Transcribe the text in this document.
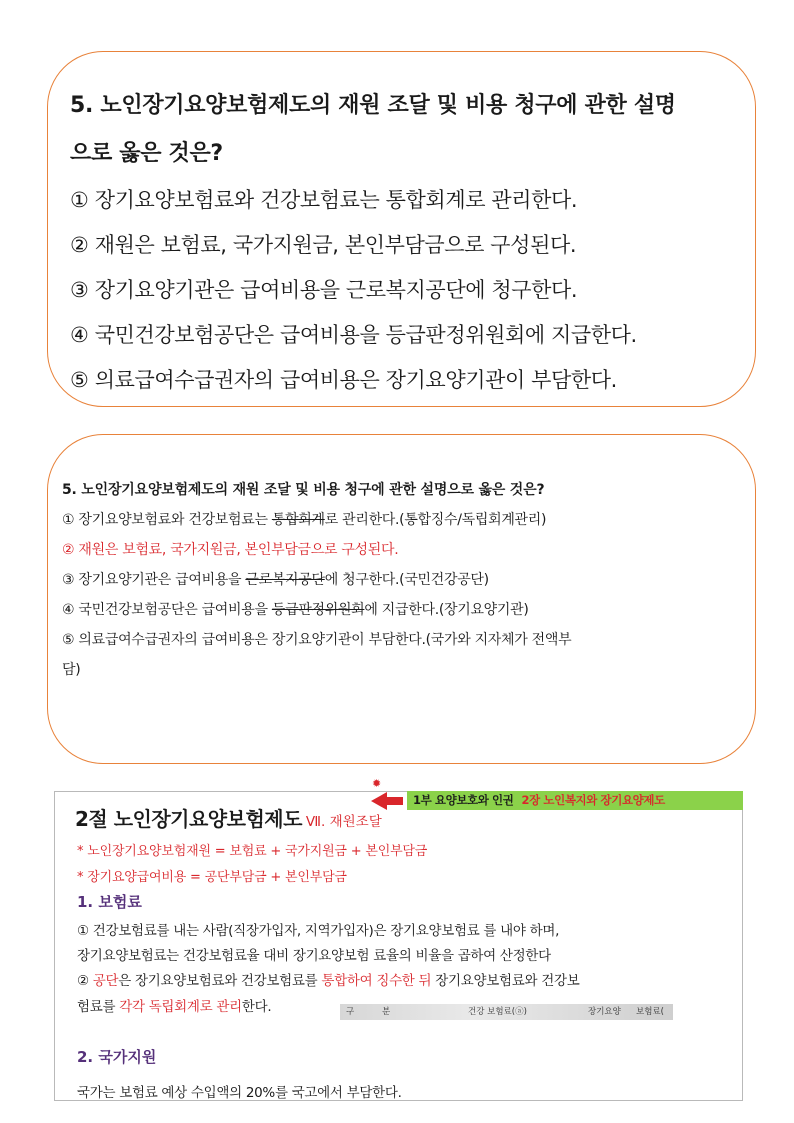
5. 노인장기요양보험제도의 재원 조달 및 비용 청구에 관한 설명

으로 옳은 것은?

① 장기요양보험료와 건강보험료는 통합회계로 관리한다.

② 재원은 보험료, 국가지원금, 본인부담금으로 구성된다.

③ 장기요양기관은 급여비용을 근로복지공단에 청구한다.

④ 국민건강보험공단은 급여비용을 등급판정위원회에 지급한다.

⑤ 의료급여수급권자의 급여비용은 장기요양기관이 부담한다.

5. 노인장기요양보험제도의 재원 조달 및 비용 청구에 관한 설명으로 옳은 것은?

① 장기요양보험료와 건강보험료는 통합회계로 관리한다.(통합징수/독립회계관리)

② 재원은 보험료, 국가지원금, 본인부담금으로 구성된다.

③ 장기요양기관은 급여비용을 근로복지공단에 청구한다.(국민건강공단)

④ 국민건강보험공단은 급여비용을 등급판정위원회에 지급한다.(장기요양기관)

⑤ 의료급여수급권자의 급여비용은 장기요양기관이 부담한다.(국가와 지자체가 전액부
담)

2절 노인장기요양보험제도 Ⅶ. 재원조달
* 노인장기요양보험재원 = 보험료 + 국가지원금 + 본인부담금
* 장기요양급여비용 = 공단부담금 + 본인부담금
1. 보험료
① 건강보험료를 내는 사람(직장가입자, 지역가입자)은 장기요양보험료 를 내야 하며,
장기요양보험료는 건강보험료율 대비 장기요양보험 료율의 비율을 곱하여 산정한다
② 공단은 장기요양보험료와 건강보험료를 통합하여 징수한 뒤 장기요양보험료와 건강보
험료를 각각 독립회계로 관리한다.	구	분	건강 보험료(ⓐ)	장기요양 보험료(
2. 국가지원
국가는 보험료 예상 수입액의 20%를 국고에서 부담한다.
✹
1부 요양보호와 인권 2장 노인복지와 장기요양제도
